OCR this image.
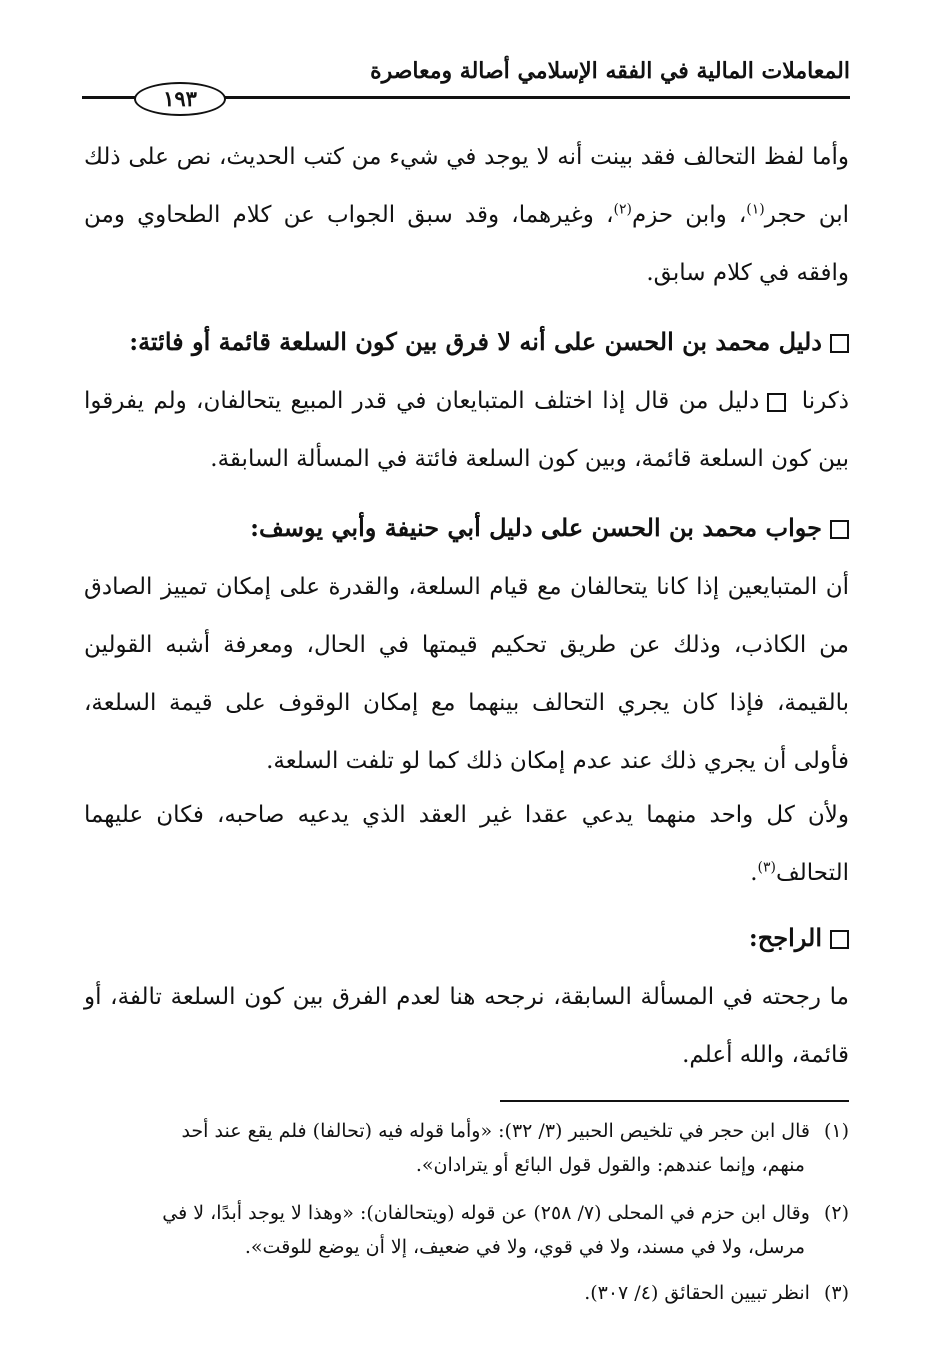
المعاملات المالية في الفقه الإسلامي أصالة ومعاصرة
١٩٣
وأما لفظ التحالف فقد بينت أنه لا يوجد في شيء من كتب الحديث، نص على ذلك ابن حجر$^{(١)}$، وابن حزم$^{(٢)}$، وغيرهما، وقد سبق الجواب عن كلام الطحاوي ومن وافقه في كلام سابق.
دليل محمد بن الحسن على أنه لا فرق بين كون السلعة قائمة أو فائتة:
ذكرنا دليل من قال إذا اختلف المتبايعان في قدر المبيع يتحالفان، ولم يفرقوا بين كون السلعة قائمة، وبين كون السلعة فائتة في المسألة السابقة.
جواب محمد بن الحسن على دليل أبي حنيفة وأبي يوسف:
أن المتبايعين إذا كانا يتحالفان مع قيام السلعة، والقدرة على إمكان تمييز الصادق من الكاذب، وذلك عن طريق تحكيم قيمتها في الحال، ومعرفة أشبه القولين بالقيمة، فإذا كان يجري التحالف بينهما مع إمكان الوقوف على قيمة السلعة، فأولى أن يجري ذلك عند عدم إمكان ذلك كما لو تلفت السلعة.
ولأن كل واحد منهما يدعي عقدا غير العقد الذي يدعيه صاحبه، فكان عليهما التحالف$^{(٣)}$.
الراجح:
ما رجحته في المسألة السابقة، نرجحه هنا لعدم الفرق بين كون السلعة تالفة، أو قائمة، والله أعلم.
(١)قال ابن حجر في تلخيص الحبير (٣/ ٣٢): «وأما قوله فيه (تحالفا) فلم يقع عند أحد
منهم، وإنما عندهم: والقول قول البائع أو يترادان».
(٢)وقال ابن حزم في المحلى (٧/ ٢٥٨) عن قوله (ويتحالفان): «وهذا لا يوجد أبدًا، لا في
مرسل، ولا في مسند، ولا في قوي، ولا في ضعيف، إلا أن يوضع للوقت».
(٣)انظر تبيين الحقائق (٤/ ٣٠٧).
